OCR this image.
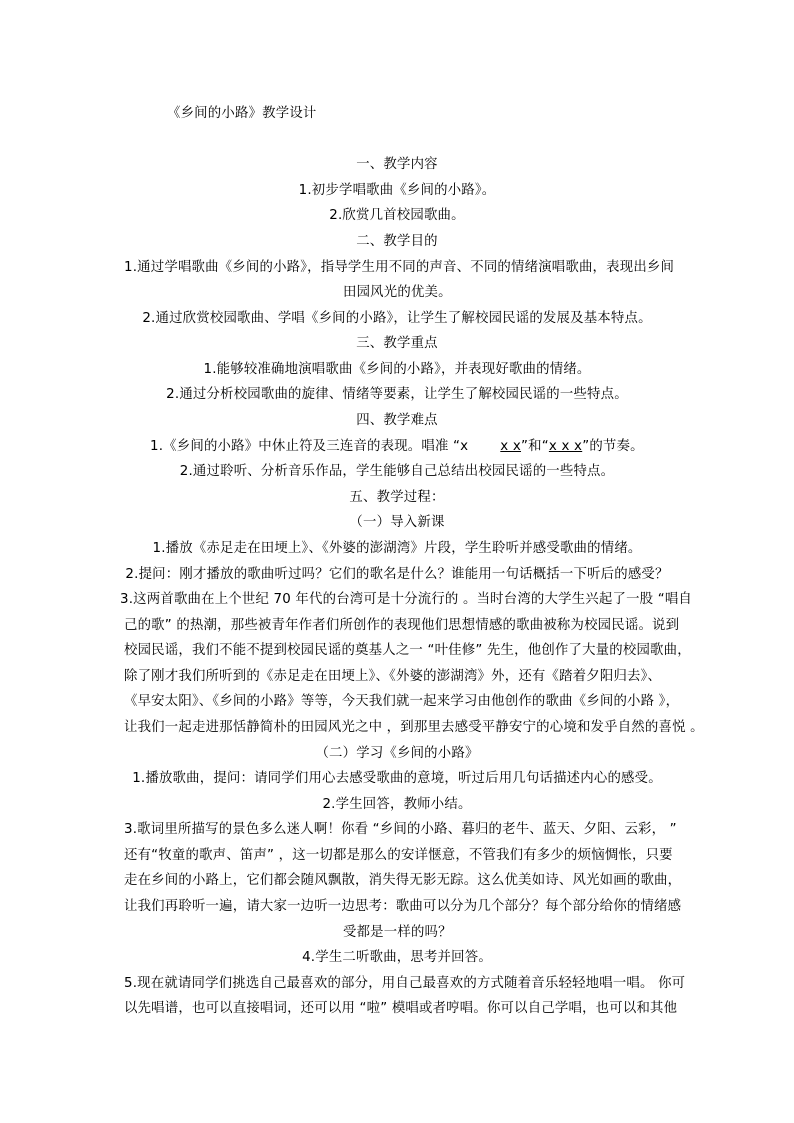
《乡间的小路》教学设计
一、教学内容
1.初步学唱歌曲《乡间的小路》。
2.欣赏几首校园歌曲。
二、教学目的
1.通过学唱歌曲《乡间的小路》，指导学生用不同的声音、不同的情绪演唱歌曲，表现出乡间
田园风光的优美。
2.通过欣赏校园歌曲、学唱《乡间的小路》，让学生了解校园民谣的发展及基本特点。
三、教学重点
1.能够较准确地演唱歌曲《乡间的小路》，并表现好歌曲的情绪。
2.通过分析校园歌曲的旋律、情绪等要素，让学生了解校园民谣的一些特点。
四、教学难点
1.《乡间的小路》中休止符及三连音的表现。唱准 “x x x”和“x x x”的节奏。
2.通过聆听、分析音乐作品，学生能够自己总结出校园民谣的一些特点。
五、教学过程：
（一）导入新课
1.播放《赤足走在田埂上》、《外婆的澎湖湾》片段，学生聆听并感受歌曲的情绪。
2.提问：刚才播放的歌曲听过吗？它们的歌名是什么？谁能用一句话概括一下听后的感受？
3.这两首歌曲在上个世纪 70 年代的台湾可是十分流行的 。当时台湾的大学生兴起了一股 “唱自
己的歌” 的热潮，那些被青年作者们所创作的表现他们思想情感的歌曲被称为校园民谣。说到
校园民谣，我们不能不提到校园民谣的奠基人之一 “叶佳修” 先生，他创作了大量的校园歌曲，
除了刚才我们所听到的《赤足走在田埂上》、《外婆的澎湖湾》外，还有《踏着夕阳归去》、
《早安太阳》、《乡间的小路》等等，今天我们就一起来学习由他创作的歌曲《乡间的小路 》，
让我们一起走进那恬静简朴的田园风光之中 ，到那里去感受平静安宁的心境和发乎自然的喜悦 。
（二）学习《乡间的小路》
1.播放歌曲，提问：请同学们用心去感受歌曲的意境，听过后用几句话描述内心的感受。
2.学生回答，教师小结。
3.歌词里所描写的景色多么迷人啊！你看 “乡间的小路、暮归的老牛、蓝天、夕阳、云彩， ”
还有“牧童的歌声、笛声” ，这一切都是那么的安详惬意，不管我们有多少的烦恼惆怅，只要
走在乡间的小路上，它们都会随风飘散，消失得无影无踪。这么优美如诗、风光如画的歌曲，
让我们再聆听一遍，请大家一边听一边思考：歌曲可以分为几个部分？每个部分给你的情绪感
受都是一样的吗？
4.学生二听歌曲，思考并回答。
5.现在就请同学们挑选自己最喜欢的部分，用自己最喜欢的方式随着音乐轻轻地唱一唱。 你可
以先唱谱，也可以直接唱词，还可以用 “啦” 模唱或者哼唱。你可以自己学唱，也可以和其他
